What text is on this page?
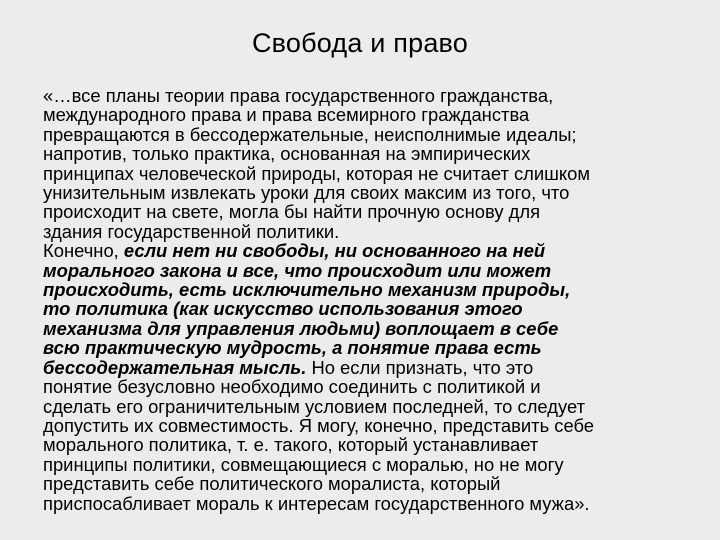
Свобода и право

«…все планы теории права государственного гражданства,
международного права и права всемирного гражданства
превращаются в бессодержательные, неисполнимые идеалы;
напротив, только практика, основанная на эмпирических
принципах человеческой природы, которая не считает слишком
унизительным извлекать уроки для своих максим из того, что
происходит на свете, могла бы найти прочную основу для
здания государственной политики.

Конечно, если нет ни свободы, ни основанного на ней
морального закона и все, что происходит или может
происходить, есть исключительно механизм природы,
то политика (как искусство использования этого
механизма для управления людьми) воплощает в себе
всю практическую мудрость, а понятие права есть
бессодержательная мысль. Но если признать, что это
понятие безусловно необходимо соединить с политикой и
сделать его ограничительным условием последней, то следует
допустить их совместимость. Я могу, конечно, представить себе
морального политика, т. е. такого, который устанавливает
принципы политики, совмещающиеся с моралью, но не могу
представить себе политического моралиста, который
приспосабливает мораль к интересам государственного мужа».
